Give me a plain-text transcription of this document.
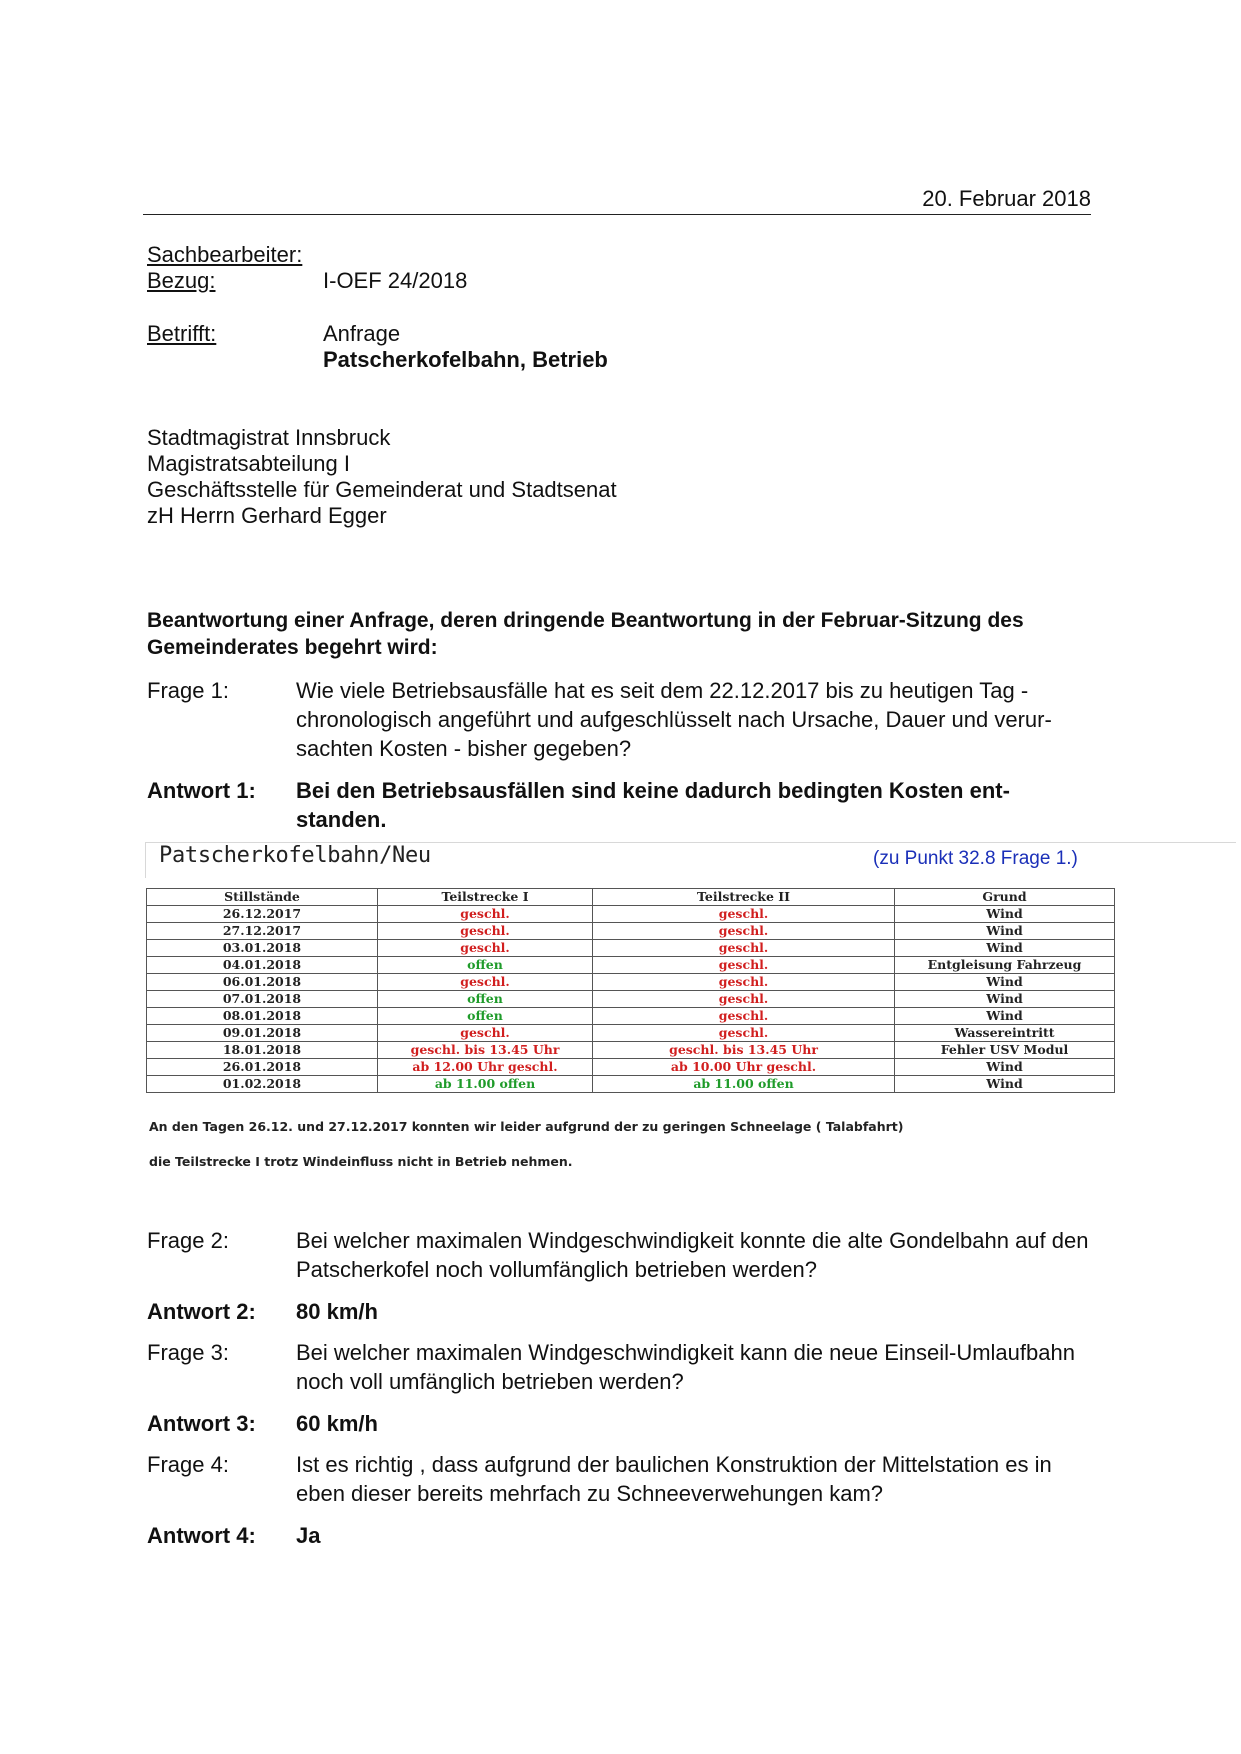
20. Februar 2018
Sachbearbeiter:
Bezug:	I-OEF 24/2018
Betrifft:	Anfrage
Patscherkofelbahn, Betrieb
Stadtmagistrat Innsbruck
Magistratsabteilung I
Geschäftsstelle für Gemeinderat und Stadtsenat
zH Herrn Gerhard Egger
Beantwortung einer Anfrage, deren dringende Beantwortung in der Februar-Sitzung des Gemeinderates begehrt wird:
Frage 1:	Wie viele Betriebsausfälle hat es seit dem 22.12.2017 bis zu heutigen Tag - chronologisch angeführt und aufgeschlüsselt nach Ursache, Dauer und verur-sachten Kosten - bisher gegeben?
Antwort 1: Bei den Betriebsausfällen sind keine dadurch bedingten Kosten ent-standen.
Patscherkofelbahn/Neu	(zu Punkt 32.8 Frage 1.)
Stillstände	Teilstrecke I	Teilstrecke II	Grund
26.12.2017	geschl.	geschl.	Wind
27.12.2017	geschl.	geschl.	Wind
03.01.2018	geschl.	geschl.	Wind
04.01.2018	offen	geschl.	Entgleisung Fahrzeug
06.01.2018	geschl.	geschl.	Wind
07.01.2018	offen	geschl.	Wind
08.01.2018	offen	geschl.	Wind
09.01.2018	geschl.	geschl.	Wassereintritt
18.01.2018	geschl. bis 13.45 Uhr	geschl. bis 13.45 Uhr	Fehler USV Modul
26.01.2018	ab 12.00 Uhr geschl.	ab 10.00 Uhr geschl.	Wind
01.02.2018	ab 11.00 offen	ab 11.00 offen	Wind
An den Tagen 26.12. und 27.12.2017 konnten wir leider aufgrund der zu geringen Schneelage ( Talabfahrt)
die Teilstrecke I trotz Windeinfluss nicht in Betrieb nehmen.
Frage 2:	Bei welcher maximalen Windgeschwindigkeit konnte die alte Gondelbahn auf den Patscherkofel noch vollumfänglich betrieben werden?
Antwort 2: 80 km/h
Frage 3:	Bei welcher maximalen Windgeschwindigkeit kann die neue Einseil-Umlaufbahn noch voll umfänglich betrieben werden?
Antwort 3: 60 km/h
Frage 4:	Ist es richtig , dass aufgrund der baulichen Konstruktion der Mittelstation es in eben dieser bereits mehrfach zu Schneeverwehungen kam?
Antwort 4: Ja
